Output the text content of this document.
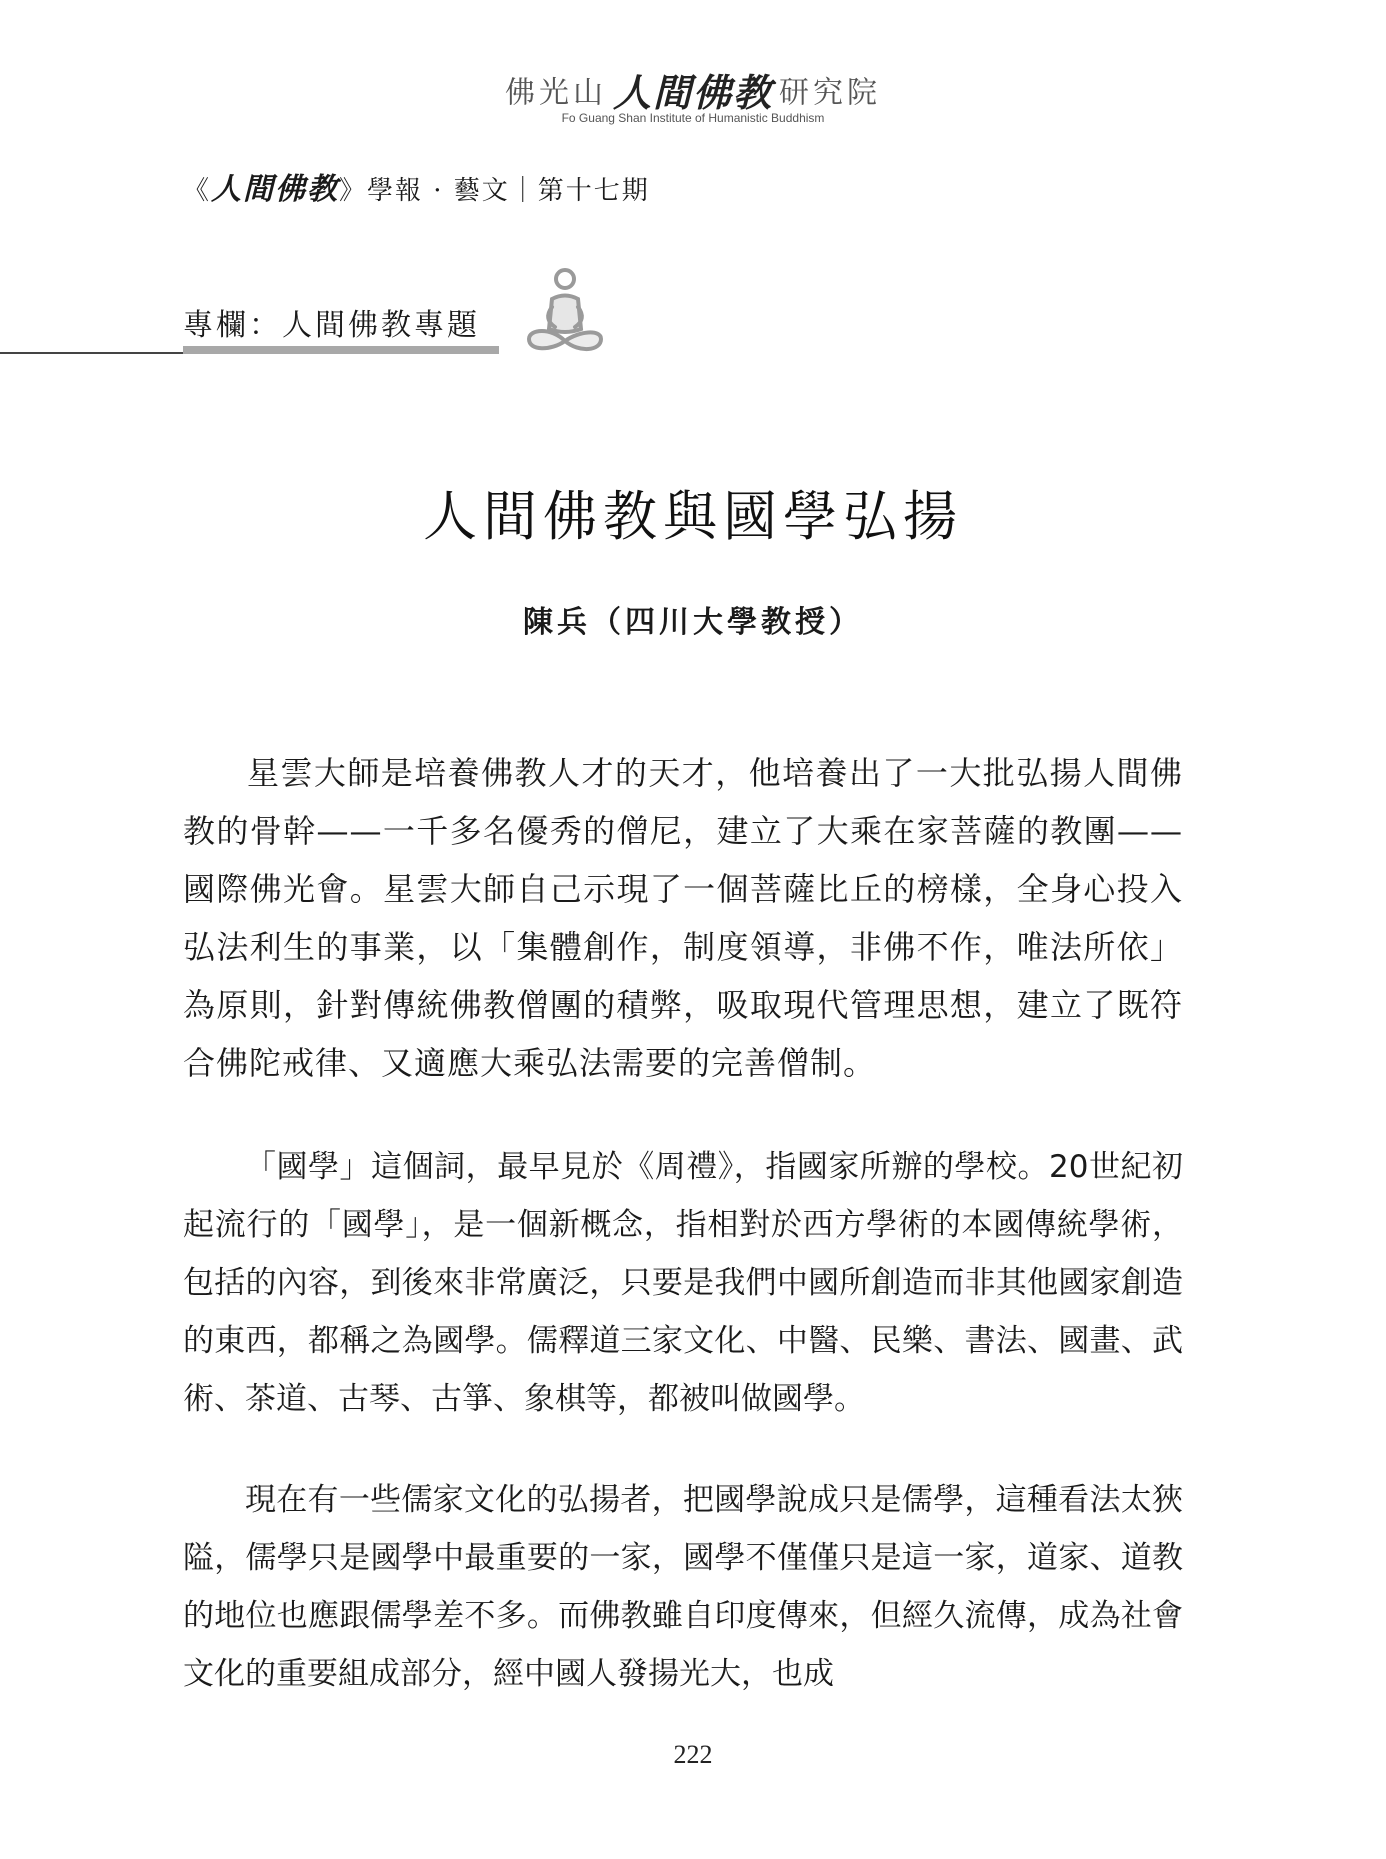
佛光山 人間佛教 研究院
Fo Guang Shan Institute of Humanistic Buddhism
《人間佛教》學報 · 藝文｜第十七期
專欄：人間佛教專題
人間佛教與國學弘揚
陳兵（四川大學教授）

星雲大師是培養佛教人才的天才，他培養出了一大批弘揚人間佛教的骨幹——一千多名優秀的僧尼，建立了大乘在家菩薩的教團——國際佛光會。星雲大師自己示現了一個菩薩比丘的榜樣，全身心投入弘法利生的事業，以「集體創作，制度領導，非佛不作，唯法所依」為原則，針對傳統佛教僧團的積弊，吸取現代管理思想，建立了既符合佛陀戒律、又適應大乘弘法需要的完善僧制。

「國學」這個詞，最早見於《周禮》，指國家所辦的學校。20世紀初起流行的「國學」，是一個新概念，指相對於西方學術的本國傳統學術，包括的內容，到後來非常廣泛，只要是我們中國所創造而非其他國家創造的東西，都稱之為國學。儒釋道三家文化、中醫、民樂、書法、國畫、武術、茶道、古琴、古箏、象棋等，都被叫做國學。

現在有一些儒家文化的弘揚者，把國學說成只是儒學，這種看法太狹隘，儒學只是國學中最重要的一家，國學不僅僅只是這一家，道家、道教的地位也應跟儒學差不多。而佛教雖自印度傳來，但經久流傳，成為社會文化的重要組成部分，經中國人發揚光大，也成

222
